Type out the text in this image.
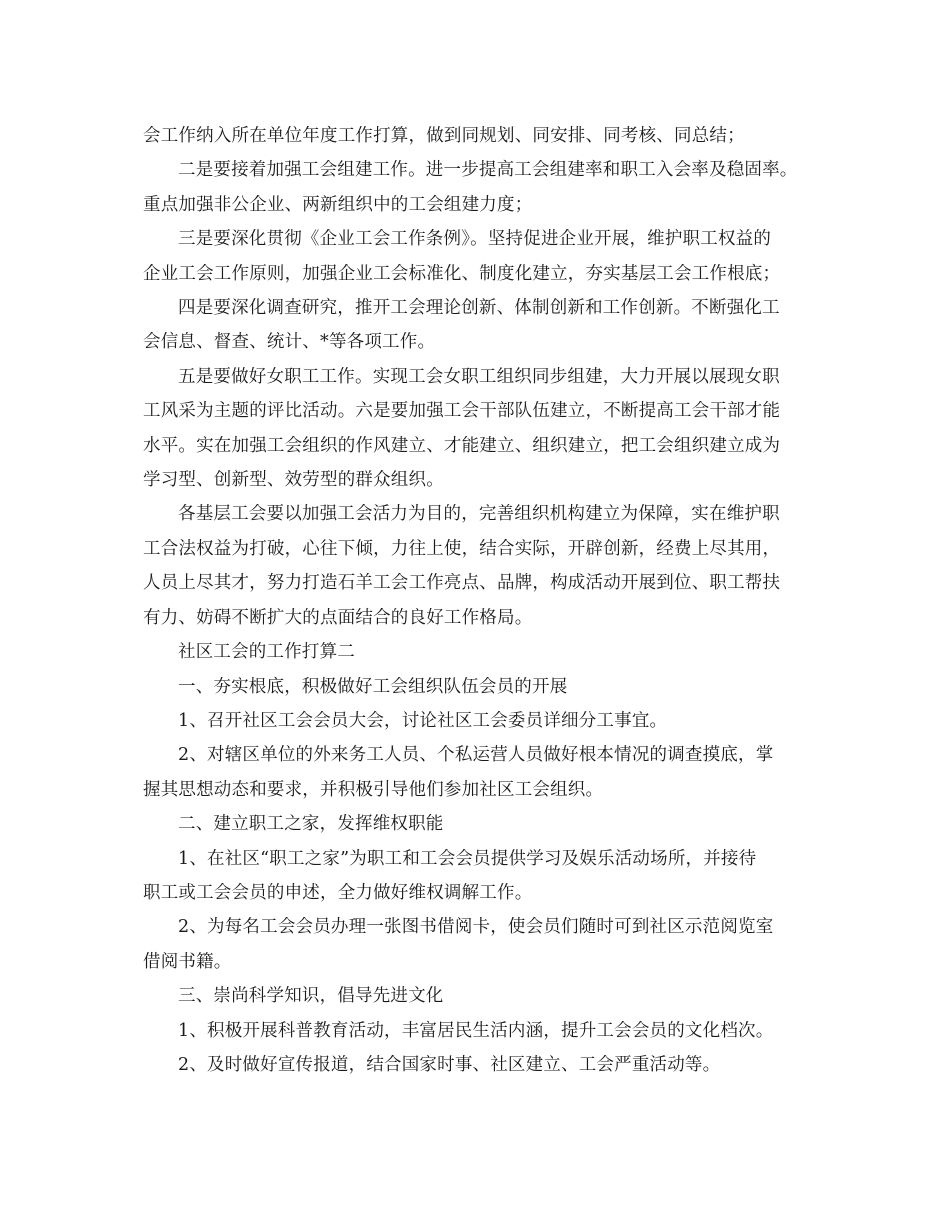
会工作纳入所在单位年度工作打算，做到同规划、同安排、同考核、同总结；
二是要接着加强工会组建工作。进一步提高工会组建率和职工入会率及稳固率。
重点加强非公企业、两新组织中的工会组建力度；
三是要深化贯彻《企业工会工作条例》。坚持促进企业开展，维护职工权益的
企业工会工作原则，加强企业工会标准化、制度化建立，夯实基层工会工作根底；
四是要深化调查研究，推开工会理论创新、体制创新和工作创新。不断强化工
会信息、督查、统计、*等各项工作。
五是要做好女职工工作。实现工会女职工组织同步组建，大力开展以展现女职
工风采为主题的评比活动。六是要加强工会干部队伍建立，不断提高工会干部才能
水平。实在加强工会组织的作风建立、才能建立、组织建立，把工会组织建立成为
学习型、创新型、效劳型的群众组织。
各基层工会要以加强工会活力为目的，完善组织机构建立为保障，实在维护职
工合法权益为打破，心往下倾，力往上使，结合实际，开辟创新，经费上尽其用，
人员上尽其才，努力打造石羊工会工作亮点、品牌，构成活动开展到位、职工帮扶
有力、妨碍不断扩大的点面结合的良好工作格局。
社区工会的工作打算二
一、夯实根底，积极做好工会组织队伍会员的开展
1、召开社区工会会员大会，讨论社区工会委员详细分工事宜。
2、对辖区单位的外来务工人员、个私运营人员做好根本情况的调查摸底，掌
握其思想动态和要求，并积极引导他们参加社区工会组织。
二、建立职工之家，发挥维权职能
1、在社区“职工之家”为职工和工会会员提供学习及娱乐活动场所，并接待
职工或工会会员的申述，全力做好维权调解工作。
2、为每名工会会员办理一张图书借阅卡，使会员们随时可到社区示范阅览室
借阅书籍。
三、崇尚科学知识，倡导先进文化
1、积极开展科普教育活动，丰富居民生活内涵，提升工会会员的文化档次。
2、及时做好宣传报道，结合国家时事、社区建立、工会严重活动等。
